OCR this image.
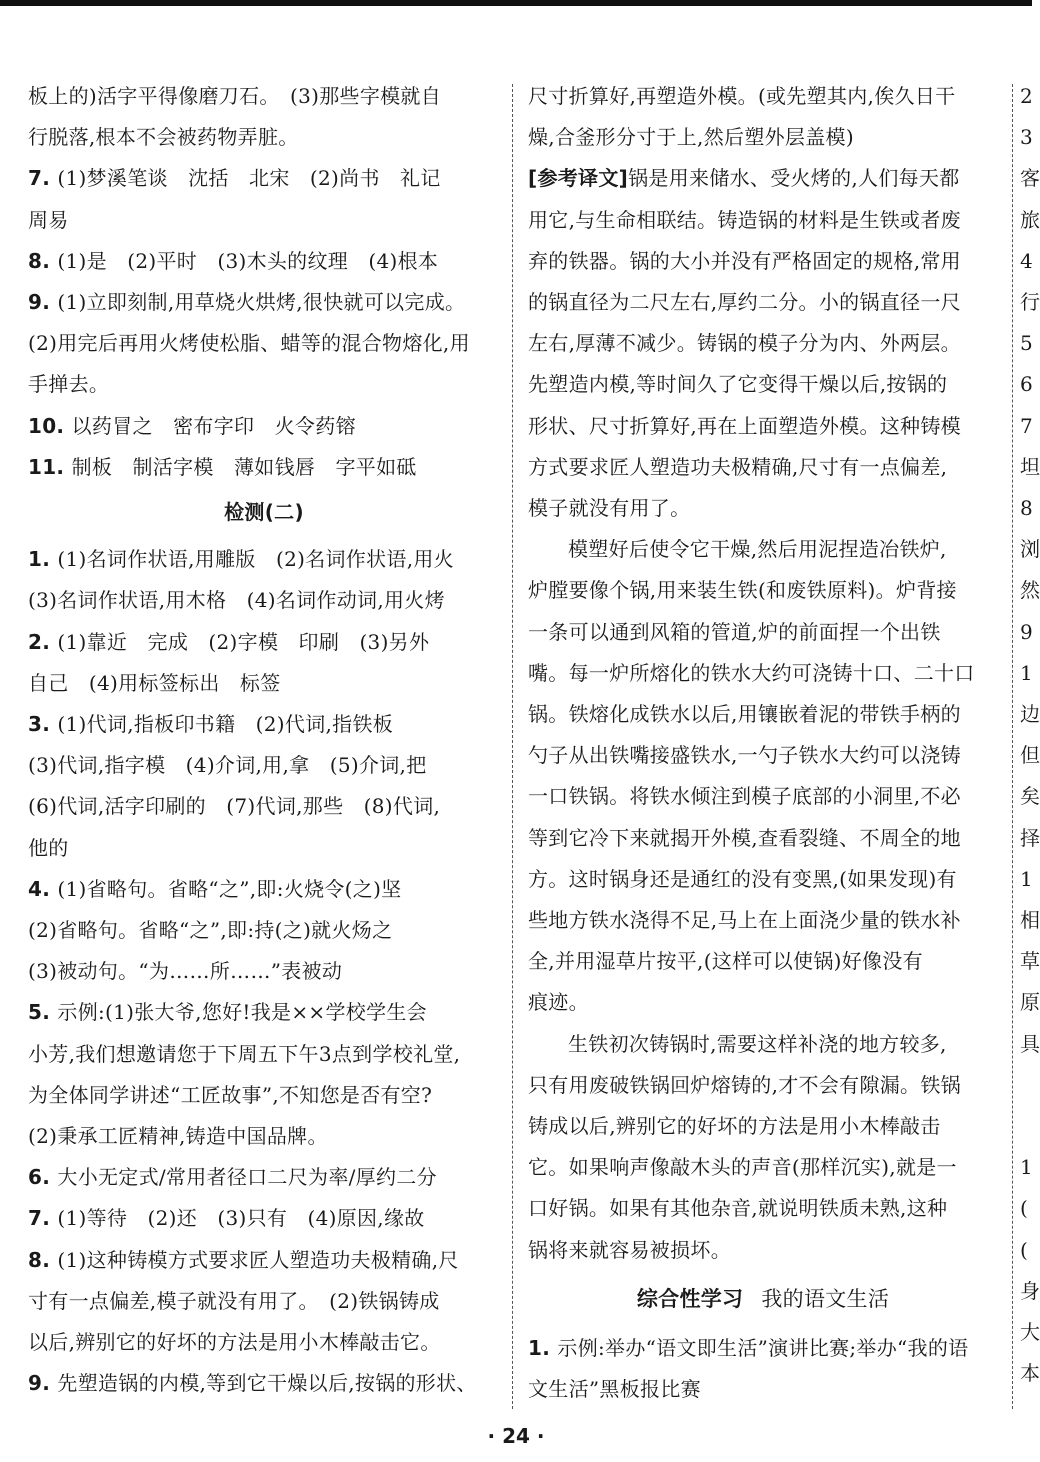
板上的)活字平得像磨刀石。　(3)那些字模就自

行脱落,根本不会被药物弄脏。

7. (1)梦溪笔谈　沈括　北宋　(2)尚书　礼记

周易

8. (1)是　(2)平时　(3)木头的纹理　(4)根本

9. (1)立即刻制,用草烧火烘烤,很快就可以完成。

(2)用完后再用火烤使松脂、蜡等的混合物熔化,用

手掸去。

10. 以药冒之　密布字印　火令药镕

11. 制板　制活字模　薄如钱唇　字平如砥

检测(二)

1. (1)名词作状语,用雕版　(2)名词作状语,用火

(3)名词作状语,用木格　(4)名词作动词,用火烤

2. (1)靠近　完成　(2)字模　印刷　(3)另外

自己　(4)用标签标出　标签

3. (1)代词,指板印书籍　(2)代词,指铁板

(3)代词,指字模　(4)介词,用,拿　(5)介词,把

(6)代词,活字印刷的　(7)代词,那些　(8)代词,

他的

4. (1)省略句。省略“之”,即:火烧令(之)坚

(2)省略句。省略“之”,即:持(之)就火炀之

(3)被动句。“为……所……”表被动

5. 示例:(1)张大爷,您好!我是××学校学生会

小芳,我们想邀请您于下周五下午3点到学校礼堂,

为全体同学讲述“工匠故事”,不知您是否有空?

(2)秉承工匠精神,铸造中国品牌。

6. 大小无定式/常用者径口二尺为率/厚约二分

7. (1)等待　(2)还　(3)只有　(4)原因,缘故

8. (1)这种铸模方式要求匠人塑造功夫极精确,尺

寸有一点偏差,模子就没有用了。　(2)铁锅铸成

以后,辨别它的好坏的方法是用小木棒敲击它。

9. 先塑造锅的内模,等到它干燥以后,按锅的形状、

尺寸折算好,再塑造外模。(或先塑其内,俟久日干

燥,合釜形分寸于上,然后塑外层盖模)

[参考译文]锅是用来储水、受火烤的,人们每天都

用它,与生命相联结。铸造锅的材料是生铁或者废

弃的铁器。锅的大小并没有严格固定的规格,常用

的锅直径为二尺左右,厚约二分。小的锅直径一尺

左右,厚薄不减少。铸锅的模子分为内、外两层。

先塑造内模,等时间久了它变得干燥以后,按锅的

形状、尺寸折算好,再在上面塑造外模。这种铸模

方式要求匠人塑造功夫极精确,尺寸有一点偏差,

模子就没有用了。

模塑好后使令它干燥,然后用泥捏造冶铁炉,

炉膛要像个锅,用来装生铁(和废铁原料)。炉背接

一条可以通到风箱的管道,炉的前面捏一个出铁

嘴。每一炉所熔化的铁水大约可浇铸十口、二十口

锅。铁熔化成铁水以后,用镶嵌着泥的带铁手柄的

勺子从出铁嘴接盛铁水,一勺子铁水大约可以浇铸

一口铁锅。将铁水倾注到模子底部的小洞里,不必

等到它冷下来就揭开外模,查看裂缝、不周全的地

方。这时锅身还是通红的没有变黑,(如果发现)有

些地方铁水浇得不足,马上在上面浇少量的铁水补

全,并用湿草片按平,(这样可以使锅)好像没有

痕迹。

生铁初次铸锅时,需要这样补浇的地方较多,

只有用废破铁锅回炉熔铸的,才不会有隙漏。铁锅

铸成以后,辨别它的好坏的方法是用小木棒敲击

它。如果响声像敲木头的声音(那样沉实),就是一

口好锅。如果有其他杂音,就说明铁质未熟,这种

锅将来就容易被损坏。

综合性学习 我的语文生活

1. 示例:举办“语文即生活”演讲比赛;举办“我的语

文生活”黑板报比赛

2

3

客

旅

4

行

5

6

7

坦

8

浏

然

9

1

边

但

矣

择

1

相

草

原

具

1

(

(

身

大

本

· 24 ·
